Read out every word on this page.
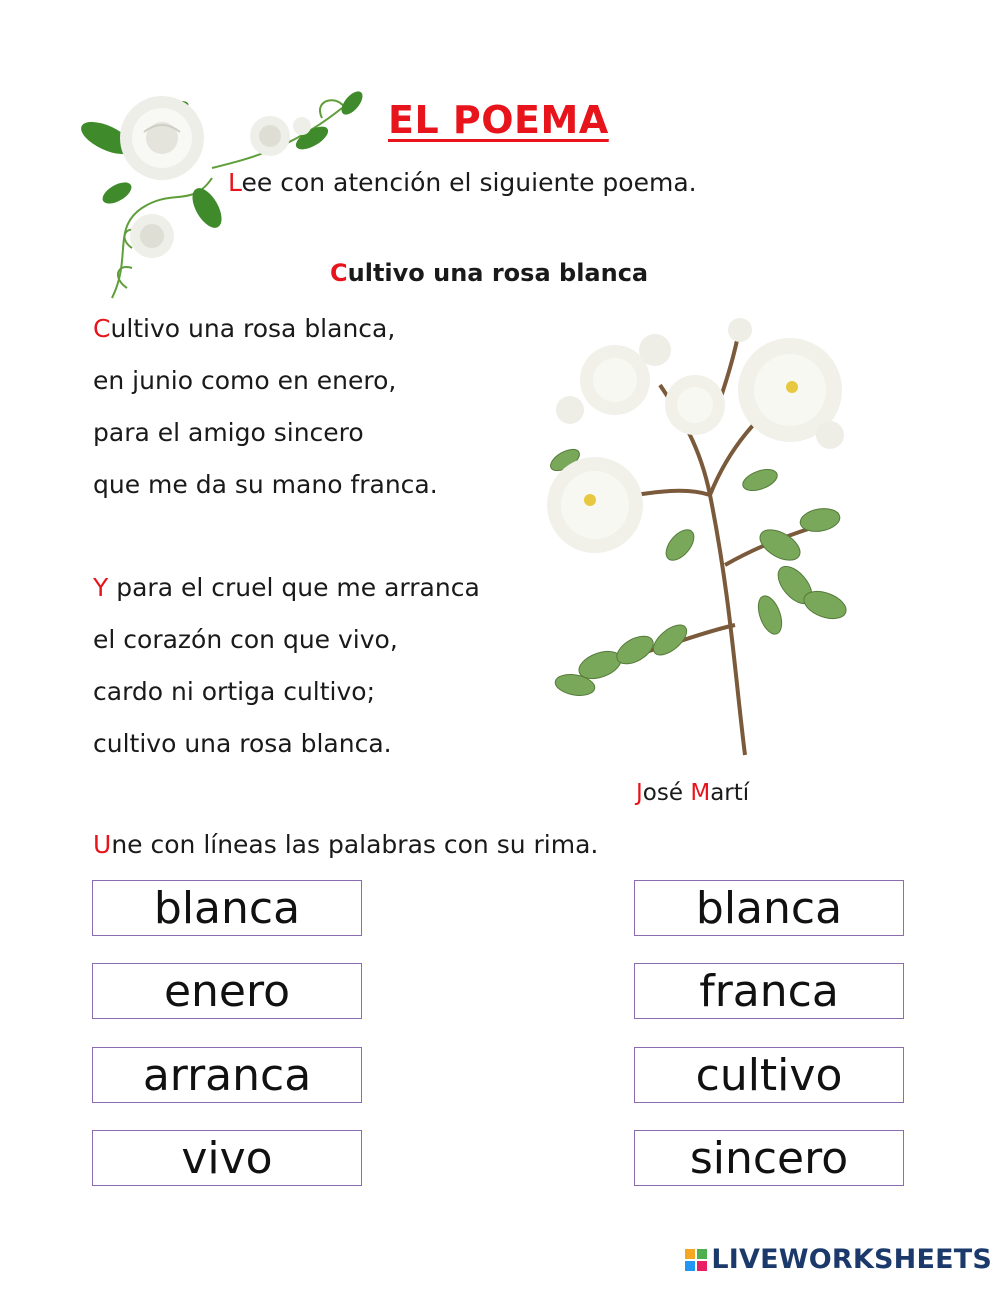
EL POEMA
Lee con atención el siguiente poema.
Cultivo una rosa blanca
Cultivo una rosa blanca,
en junio como en enero,
para el amigo sincero
que me da su mano franca.
Y para el cruel que me arranca
el corazón con que vivo,
cardo ni ortiga cultivo;
cultivo una rosa blanca.
José Martí
Une con líneas las palabras con su rima.
blanca
enero
arranca
vivo
blanca
franca
cultivo
sincero
LIVEWORKSHEETS
